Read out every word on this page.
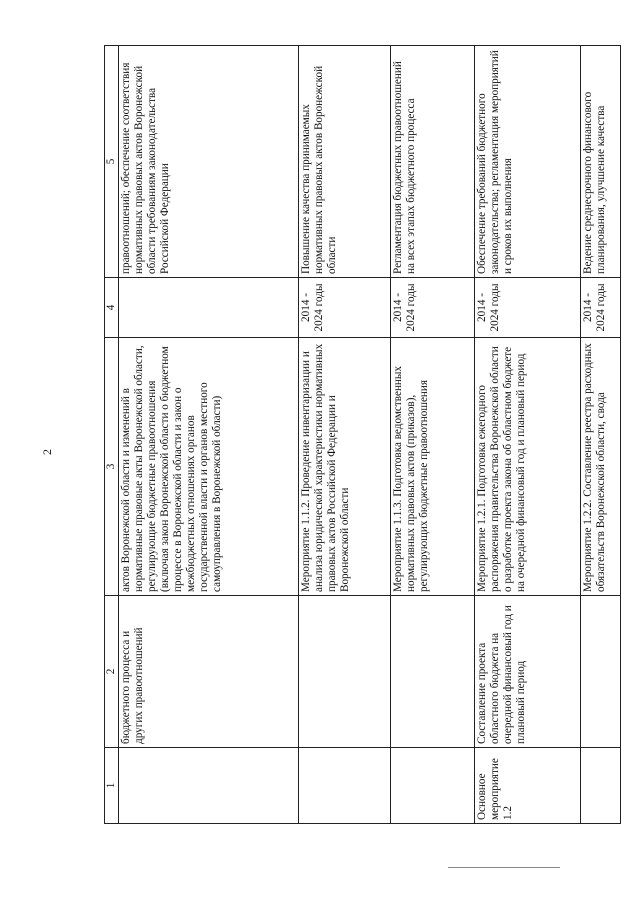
2
1	2	3	4	5
	бюджетного процесса и других правоотношений	актов Воронежской области и изменений в нормативные правовые акты Воронежской области, регулирующие бюджетные правоотношения (включая закон Воронежской области о бюджетном процессе в Воронежской области и закон о межбюджетных отношениях органов государственной власти и органов местного самоуправления в Воронежской области)		правоотношений; обеспечение соответствия нормативных правовых актов Воронежской области требованиям законодательства Российской Федерации
		Мероприятие 1.1.2. Проведение инвентаризации и анализа юридической характеристики нормативных правовых актов Российской Федерации и Воронежской области	2014 - 2024 годы	Повышение качества принимаемых нормативных правовых актов Воронежской области
		Мероприятие 1.1.3. Подготовка ведомственных нормативных правовых актов (приказов), регулирующих бюджетные правоотношения	2014 - 2024 годы	Регламентация бюджетных правоотношений на всех этапах бюджетного процесса
Основное мероприятие 1.2	Составление проекта областного бюджета на очередной финансовый год и плановый период	Мероприятие 1.2.1. Подготовка ежегодного распоряжения правительства Воронежской области о разработке проекта закона об областном бюджете на очередной финансовый год и плановый период	2014 - 2024 годы	Обеспечение требований бюджетного законодательства; регламентация мероприятий и сроков их выполнения
		Мероприятие 1.2.2. Составление реестра расходных обязательств Воронежской области, свода	2014 - 2024 годы	Ведение среднесрочного финансового планирования, улучшение качества
